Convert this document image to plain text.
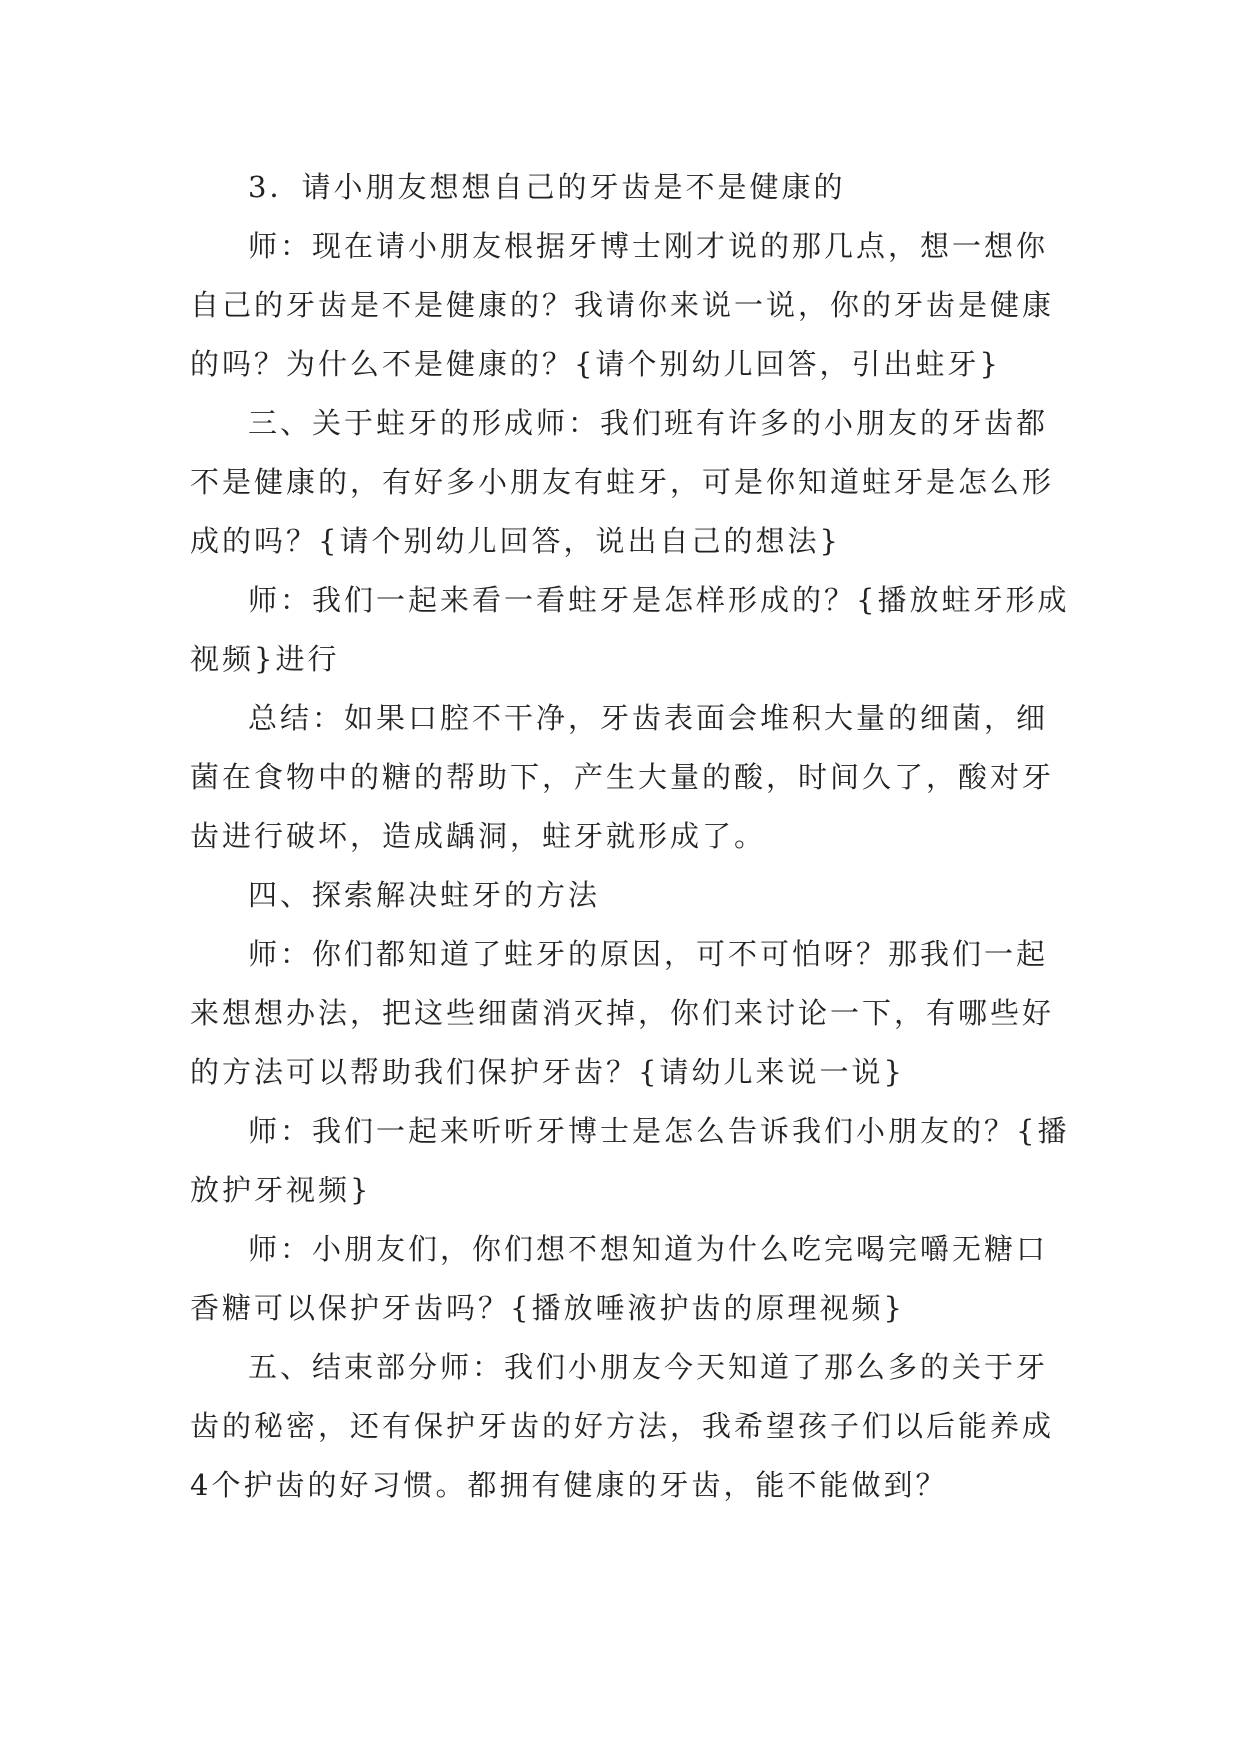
3．请小朋友想想自己的牙齿是不是健康的

师：现在请小朋友根据牙博士刚才说的那几点，想一想你自己的牙齿是不是健康的？我请你来说一说，你的牙齿是健康的吗？为什么不是健康的？{请个别幼儿回答，引出蛀牙}

三、关于蛀牙的形成师：我们班有许多的小朋友的牙齿都不是健康的，有好多小朋友有蛀牙，可是你知道蛀牙是怎么形成的吗？{请个别幼儿回答，说出自己的想法}

师：我们一起来看一看蛀牙是怎样形成的？{播放蛀牙形成视频}进行

总结：如果口腔不干净，牙齿表面会堆积大量的细菌，细菌在食物中的糖的帮助下，产生大量的酸，时间久了，酸对牙齿进行破坏，造成龋洞，蛀牙就形成了。

四、探索解决蛀牙的方法

师：你们都知道了蛀牙的原因，可不可怕呀？那我们一起来想想办法，把这些细菌消灭掉，你们来讨论一下，有哪些好的方法可以帮助我们保护牙齿？{请幼儿来说一说}

师：我们一起来听听牙博士是怎么告诉我们小朋友的？{播放护牙视频}

师：小朋友们，你们想不想知道为什么吃完喝完嚼无糖口香糖可以保护牙齿吗？{播放唾液护齿的原理视频}

五、结束部分师：我们小朋友今天知道了那么多的关于牙齿的秘密，还有保护牙齿的好方法，我希望孩子们以后能养成4个护齿的好习惯。都拥有健康的牙齿，能不能做到？
